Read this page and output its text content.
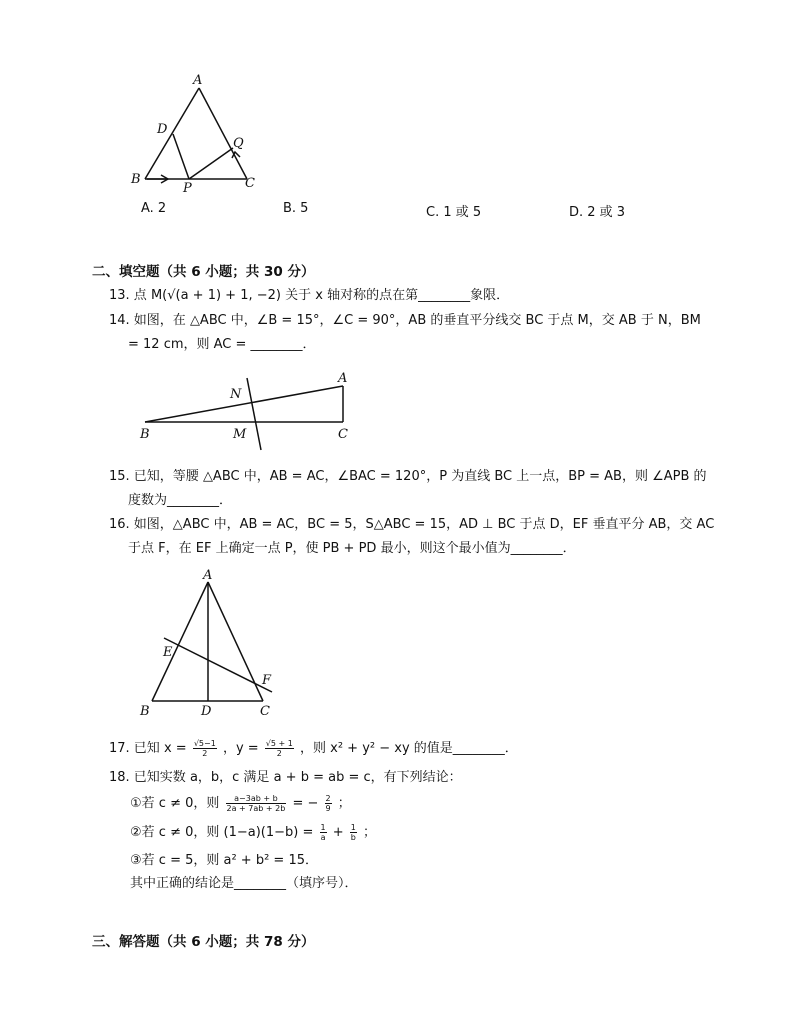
A
D
Q
B
P	C
A. 2	B. 5	C. 1 或 5	D. 2 或 3
二、填空题（共 6 小题；共 30 分）
13. 点 M(√(a + 1) + 1, −2) 关于 x 轴对称的点在第________象限．
14. 如图，在 △ABC 中，∠B = 15°，∠C = 90°，AB 的垂直平分线交 BC 于点 M，交 AB 于 N，BM
= 12 cm，则 AC = ________．
N
A
B	M	C
15. 已知，等腰 △ABC 中，AB = AC，∠BAC = 120°，P 为直线 BC 上一点，BP = AB，则 ∠APB 的
度数为________．
16. 如图，△ABC 中，AB = AC，BC = 5，S△ABC = 15，AD ⊥ BC 于点 D，EF 垂直平分 AB，交 AC
于点 F，在 EF 上确定一点 P，使 PB + PD 最小，则这个最小值为________．
A
E
F
B	D	C
17. 已知 $x = \frac{√5-1}{2}$ ，$y = \frac{√5 + 1}{2}$ ，则 x² + y² − xy 的值是________．
18. 已知实数 a，b，c 满足 a + b = ab = c，有下列结论：
①若 c ≠ 0，则 $\frac{a-3ab + b}{2a + 7ab + 2b}$ = − $\frac{2}{9}$ ；
②若 c ≠ 0，则 $(1-a)(1-b) = \frac{1}{a} + \frac{1}{b}$ ；
③若 c = 5，则 a² + b² = 15．
其中正确的结论是________（填序号）．
三、解答题（共 6 小题；共 78 分）
